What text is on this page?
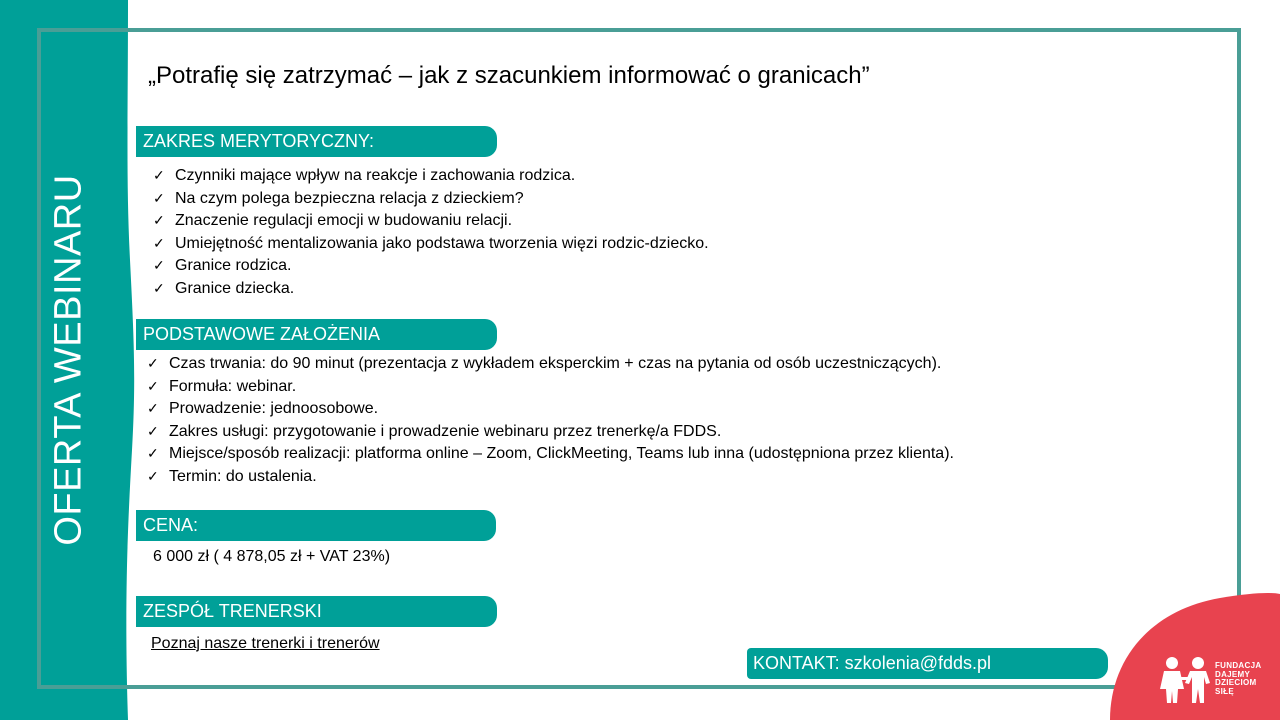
OFERTA WEBINARU
„Potrafię się zatrzymać – jak z szacunkiem informować o granicach”
ZAKRES MERYTORYCZNY:
✓ Czynniki mające wpływ na reakcje i zachowania rodzica.
✓ Na czym polega bezpieczna relacja z dzieckiem?
✓ Znaczenie regulacji emocji w budowaniu relacji.
✓ Umiejętność mentalizowania jako podstawa tworzenia więzi rodzic-dziecko.
✓ Granice rodzica.
✓ Granice dziecka.
PODSTAWOWE ZAŁOŻENIA
✓ Czas trwania: do 90 minut (prezentacja z wykładem eksperckim + czas na pytania od osób uczestniczących).
✓ Formuła: webinar.
✓ Prowadzenie: jednoosobowe.
✓ Zakres usługi: przygotowanie i prowadzenie webinaru przez trenerkę/a FDDS.
✓ Miejsce/sposób realizacji: platforma online – Zoom, ClickMeeting, Teams lub inna (udostępniona przez klienta).
✓ Termin: do ustalenia.
CENA:
6 000 zł ( 4 878,05 zł + VAT 23%)
ZESPÓŁ TRENERSKI
Poznaj nasze trenerki i trenerów
KONTAKT: szkolenia@fdds.pl	FUNDACJA
DAJEMY
DZIECIOM
SIŁĘ
